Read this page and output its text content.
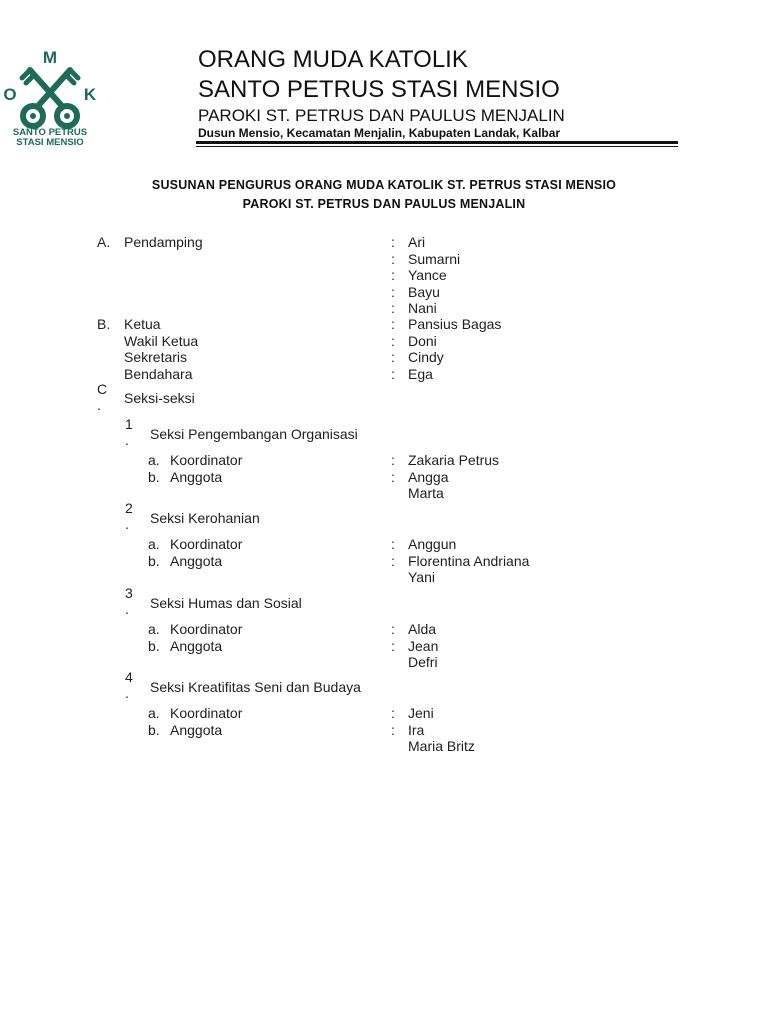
M
O	K
SANTO PETRUS
STASI MENSIO
ORANG MUDA KATOLIK
SANTO PETRUS STASI MENSIO
PAROKI ST. PETRUS DAN PAULUS MENJALIN
Dusun Mensio, Kecamatan Menjalin, Kabupaten Landak, Kalbar
SUSUNAN PENGURUS ORANG MUDA KATOLIK ST. PETRUS STASI MENSIO
PAROKI ST. PETRUS DAN PAULUS MENJALIN
A. Pendamping	: Ari
: Sumarni
: Yance
: Bayu
: Nani
B. Ketua	: Pansius Bagas
Wakil Ketua	: Doni
Sekretaris	: Cindy
Bendahara	: Ega
C
. Seksi-seksi
1
. Seksi Pengembangan Organisasi
a. Koordinator	: Zakaria Petrus
b. Anggota	: Angga
Marta
2
. Seksi Kerohanian
a. Koordinator	: Anggun
b. Anggota	: Florentina Andriana
Yani
3
. Seksi Humas dan Sosial
a. Koordinator	: Alda
b. Anggota	: Jean
Defri
4
. Seksi Kreatifitas Seni dan Budaya
a. Koordinator	: Jeni
b. Anggota	: Ira
Maria Britz
